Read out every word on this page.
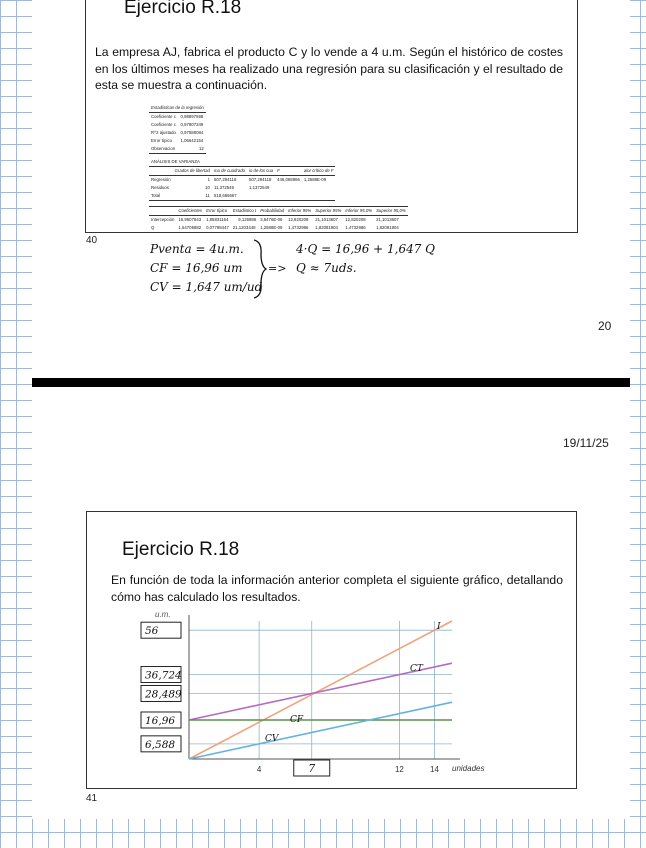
Ejercicio R.18
La empresa AJ, fabrica el producto C y lo vende a 4 u.m. Según el histórico de costes en los últimos meses ha realizado una regresión para su clasificación y el resultado de esta se muestra a continuación.
Estadísticas de la regresión	
Coeficiente c	0,98897598
Coeficiente c	0,97807349
R^2 ajustado	0,97588084
Error típico	1,06642154
Observacion	12
ANÁLISIS DE VARIANZA					
	Grados de libertad	ma de cuadrado	io de los cua	F	alor crítico de F
Regresión	1	507,294118	507,294118	446,068966	1,2588E-09
Residuos	10	11,372549	1,1372549		
Total	11	518,666667			
	Coeficientes	Error típico	Estadístico t	Probabilidad	Inferior 95%	Superior 95%	Inferior 95,0%	Superior 95,0%
Intercepción	16,9607843	1,85831164	9,126986	3,6476E-06	12,820208	21,1013607	12,820208	21,1013607
Q	1,64705882	0,07798447	21,1203448	1,2588E-09	1,4732986	1,82081904	1,4732986	1,82081904
40
Pventa = 4u.m.
CF = 16,96 um
CV = 1,647 um/ud
=>
4·Q = 16,96 + 1,647 Q
Q ≈ 7uds.
20
19/11/25
Ejercicio R.18
En función de toda la información anterior completa el siguiente gráfico, detallando cómo has calculado los resultados.
I
CT
CF
CV
u.m.
unidades
4	12	14
7
56
36,724
28,489
16,96
6,588
41
